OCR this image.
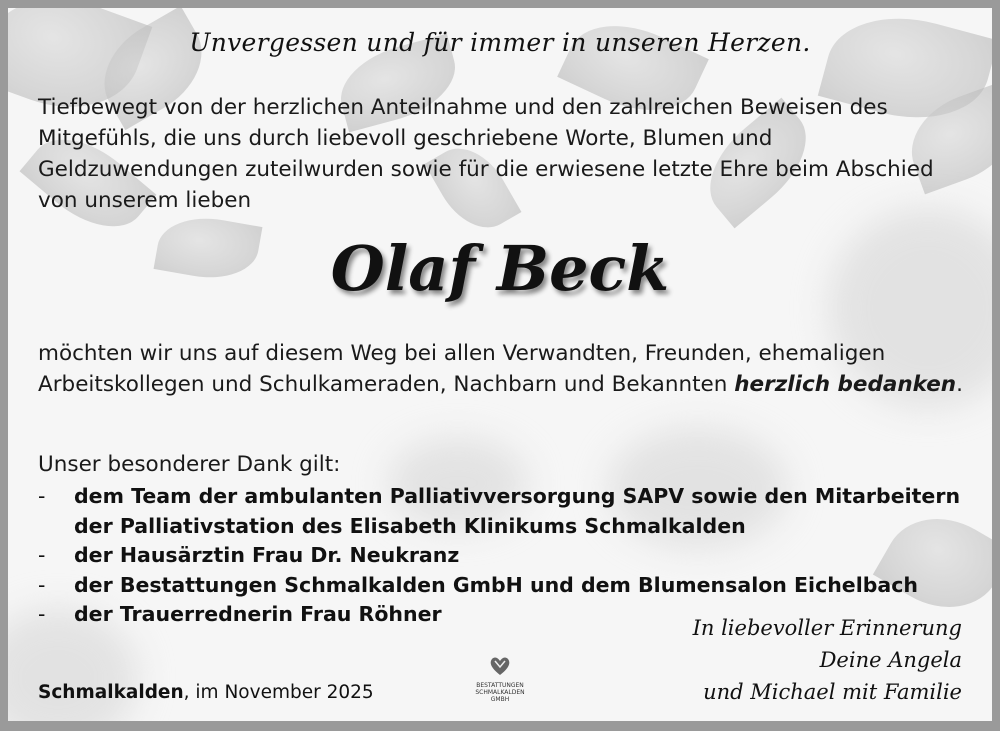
Unvergessen und für immer in unseren Herzen.
Tiefbewegt von der herzlichen Anteilnahme und den zahlreichen Beweisen des Mitgefühls, die uns durch liebevoll geschriebene Worte, Blumen und Geldzuwendungen zuteilwurden sowie für die erwiesene letzte Ehre beim Abschied von unserem lieben
Olaf Beck
möchten wir uns auf diesem Weg bei allen Verwandten, Freunden, ehemaligen Arbeitskollegen und Schulkameraden, Nachbarn und Bekannten herzlich bedanken.
Unser besonderer Dank gilt:
- dem Team der ambulanten Palliativversorgung SAPV sowie den Mitarbeitern der Palliativstation des Elisabeth Klinikums Schmalkalden
- der Hausärztin Frau Dr. Neukranz
- der Bestattungen Schmalkalden GmbH und dem Blumensalon Eichelbach
- der Trauerrednerin Frau Röhner
In liebevoller Erinnerung
Deine Angela
und Michael mit Familie
BESTATTUNGEN
SCHMALKALDEN
GMBH
Schmalkalden, im November 2025
